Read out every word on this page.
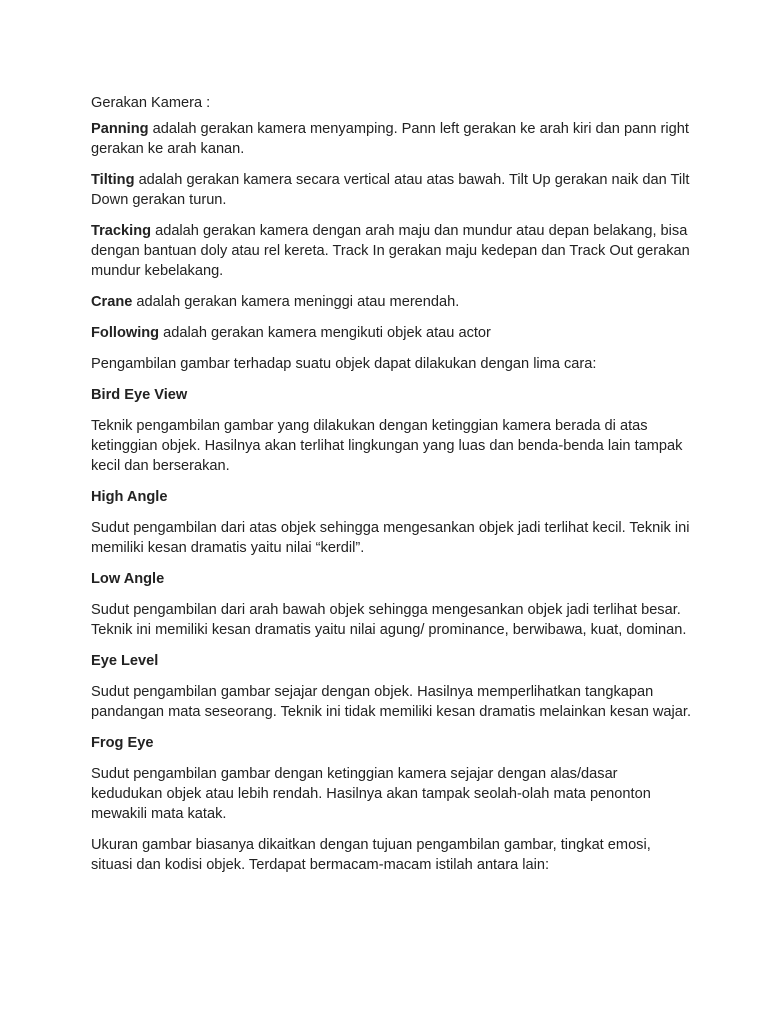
Gerakan Kamera :

Panning adalah gerakan kamera menyamping. Pann left gerakan ke arah kiri dan pann right gerakan ke arah kanan.

Tilting adalah gerakan kamera secara vertical atau atas bawah. Tilt Up gerakan naik dan Tilt Down gerakan turun.

Tracking adalah gerakan kamera dengan arah maju dan mundur atau depan belakang, bisa dengan bantuan doly atau rel kereta. Track In gerakan maju kedepan dan Track Out gerakan mundur kebelakang.

Crane adalah gerakan kamera meninggi atau merendah.

Following adalah gerakan kamera mengikuti objek atau actor

Pengambilan gambar terhadap suatu objek dapat dilakukan dengan lima cara:

Bird Eye View

Teknik pengambilan gambar yang dilakukan dengan ketinggian kamera berada di atas ketinggian objek. Hasilnya akan terlihat lingkungan yang luas dan benda-benda lain tampak kecil dan berserakan.

High Angle

Sudut pengambilan dari atas objek sehingga mengesankan objek jadi terlihat kecil. Teknik ini memiliki kesan dramatis yaitu nilai “kerdil”.

Low Angle

Sudut pengambilan dari arah bawah objek sehingga mengesankan objek jadi terlihat besar. Teknik ini memiliki kesan dramatis yaitu nilai agung/ prominance, berwibawa, kuat, dominan.

Eye Level

Sudut pengambilan gambar sejajar dengan objek. Hasilnya memperlihatkan tangkapan pandangan mata seseorang. Teknik ini tidak memiliki kesan dramatis melainkan kesan wajar.

Frog Eye

Sudut pengambilan gambar dengan ketinggian kamera sejajar dengan alas/dasar kedudukan objek atau lebih rendah. Hasilnya akan tampak seolah-olah mata penonton mewakili mata katak.

Ukuran gambar biasanya dikaitkan dengan tujuan pengambilan gambar, tingkat emosi, situasi dan kodisi objek. Terdapat bermacam-macam istilah antara lain:
